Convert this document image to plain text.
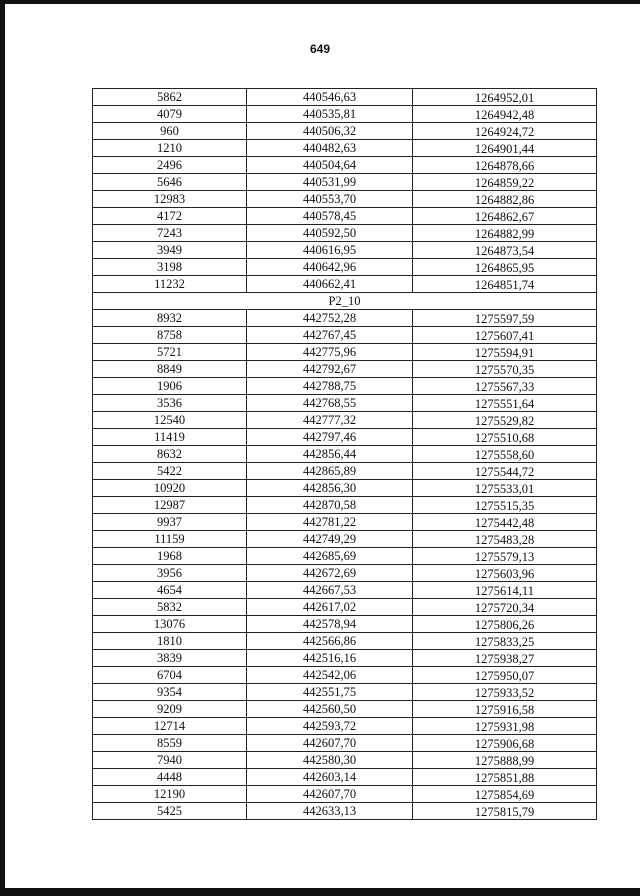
649
5862	440546,63	1264952,01
4079	440535,81	1264942,48
960	440506,32	1264924,72
1210	440482,63	1264901,44
2496	440504,64	1264878,66
5646	440531,99	1264859,22
12983	440553,70	1264882,86
4172	440578,45	1264862,67
7243	440592,50	1264882,99
3949	440616,95	1264873,54
3198	440642,96	1264865,95
11232	440662,41	1264851,74
P2_10		
8932	442752,28	1275597,59
8758	442767,45	1275607,41
5721	442775,96	1275594,91
8849	442792,67	1275570,35
1906	442788,75	1275567,33
3536	442768,55	1275551,64
12540	442777,32	1275529,82
11419	442797,46	1275510,68
8632	442856,44	1275558,60
5422	442865,89	1275544,72
10920	442856,30	1275533,01
12987	442870,58	1275515,35
9937	442781,22	1275442,48
11159	442749,29	1275483,28
1968	442685,69	1275579,13
3956	442672,69	1275603,96
4654	442667,53	1275614,11
5832	442617,02	1275720,34
13076	442578,94	1275806,26
1810	442566,86	1275833,25
3839	442516,16	1275938,27
6704	442542,06	1275950,07
9354	442551,75	1275933,52
9209	442560,50	1275916,58
12714	442593,72	1275931,98
8559	442607,70	1275906,68
7940	442580,30	1275888,99
4448	442603,14	1275851,88
12190	442607,70	1275854,69
5425	442633,13	1275815,79
